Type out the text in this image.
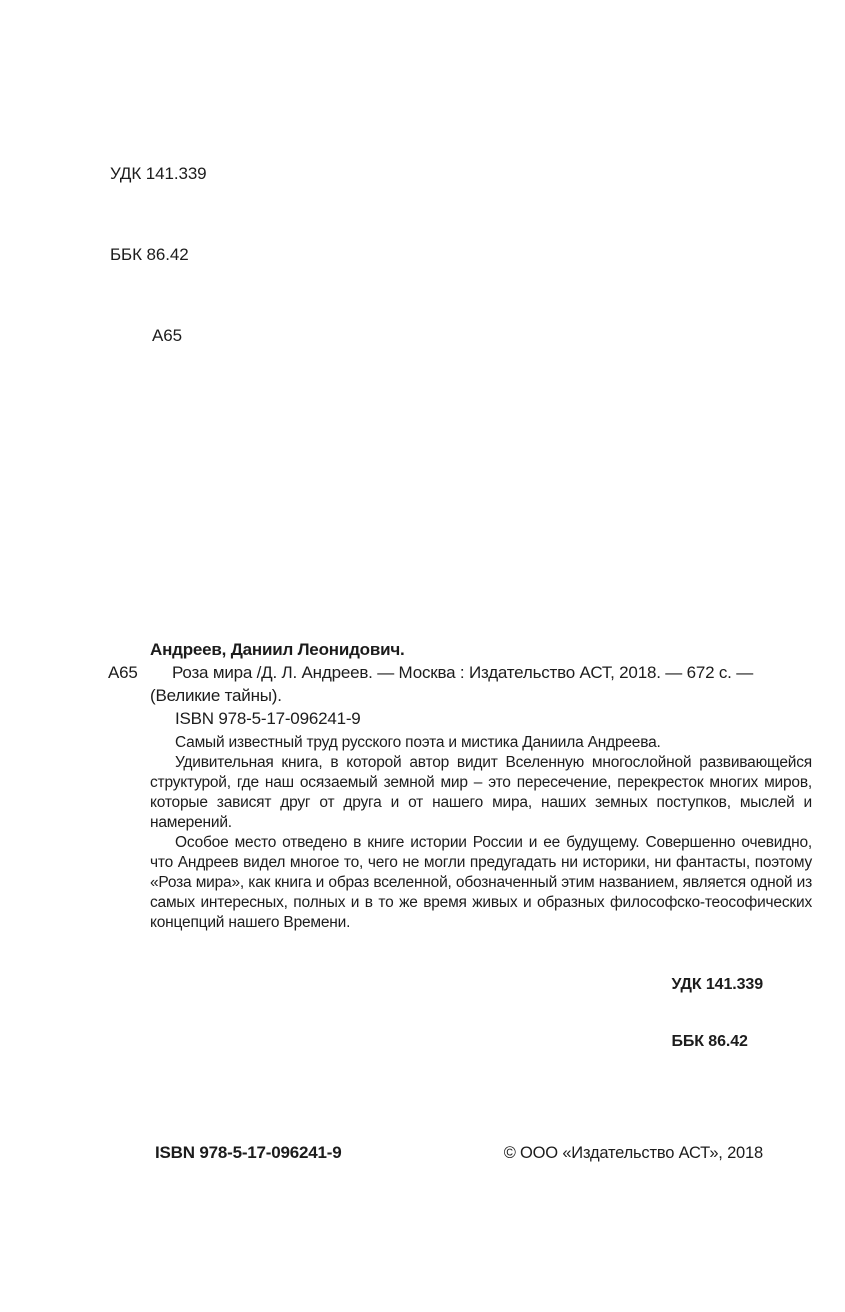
УДК 141.339

ББК 86.42

А65

Андреев, Даниил Леонидович.

А65	Роза мира /Д. Л. Андреев. — Москва : Издательство АСТ, 2018. — 672 с. — (Великие тайны).

ISBN 978-5-17-096241-9

Самый известный труд русского поэта и мистика Даниила Андреева.

Удивительная книга, в которой автор видит Вселенную многослойной развивающейся структурой, где наш осязаемый земной мир – это пересечение, перекресток многих миров, которые зависят друг от друга и от нашего мира, наших земных поступков, мыслей и намерений.

Особое место отведено в книге истории России и ее будущему. Совершенно очевидно, что Андреев видел многое то, чего не могли предугадать ни историки, ни фантасты, поэтому «Роза мира», как книга и образ вселенной, обозначенный этим названием, является одной из самых интересных, полных и в то же время живых и образных философско-теософических концепций нашего Времени.

УДК 141.339

ББК 86.42

ISBN 978-5-17-096241-9	© ООО «Издательство АСТ», 2018
